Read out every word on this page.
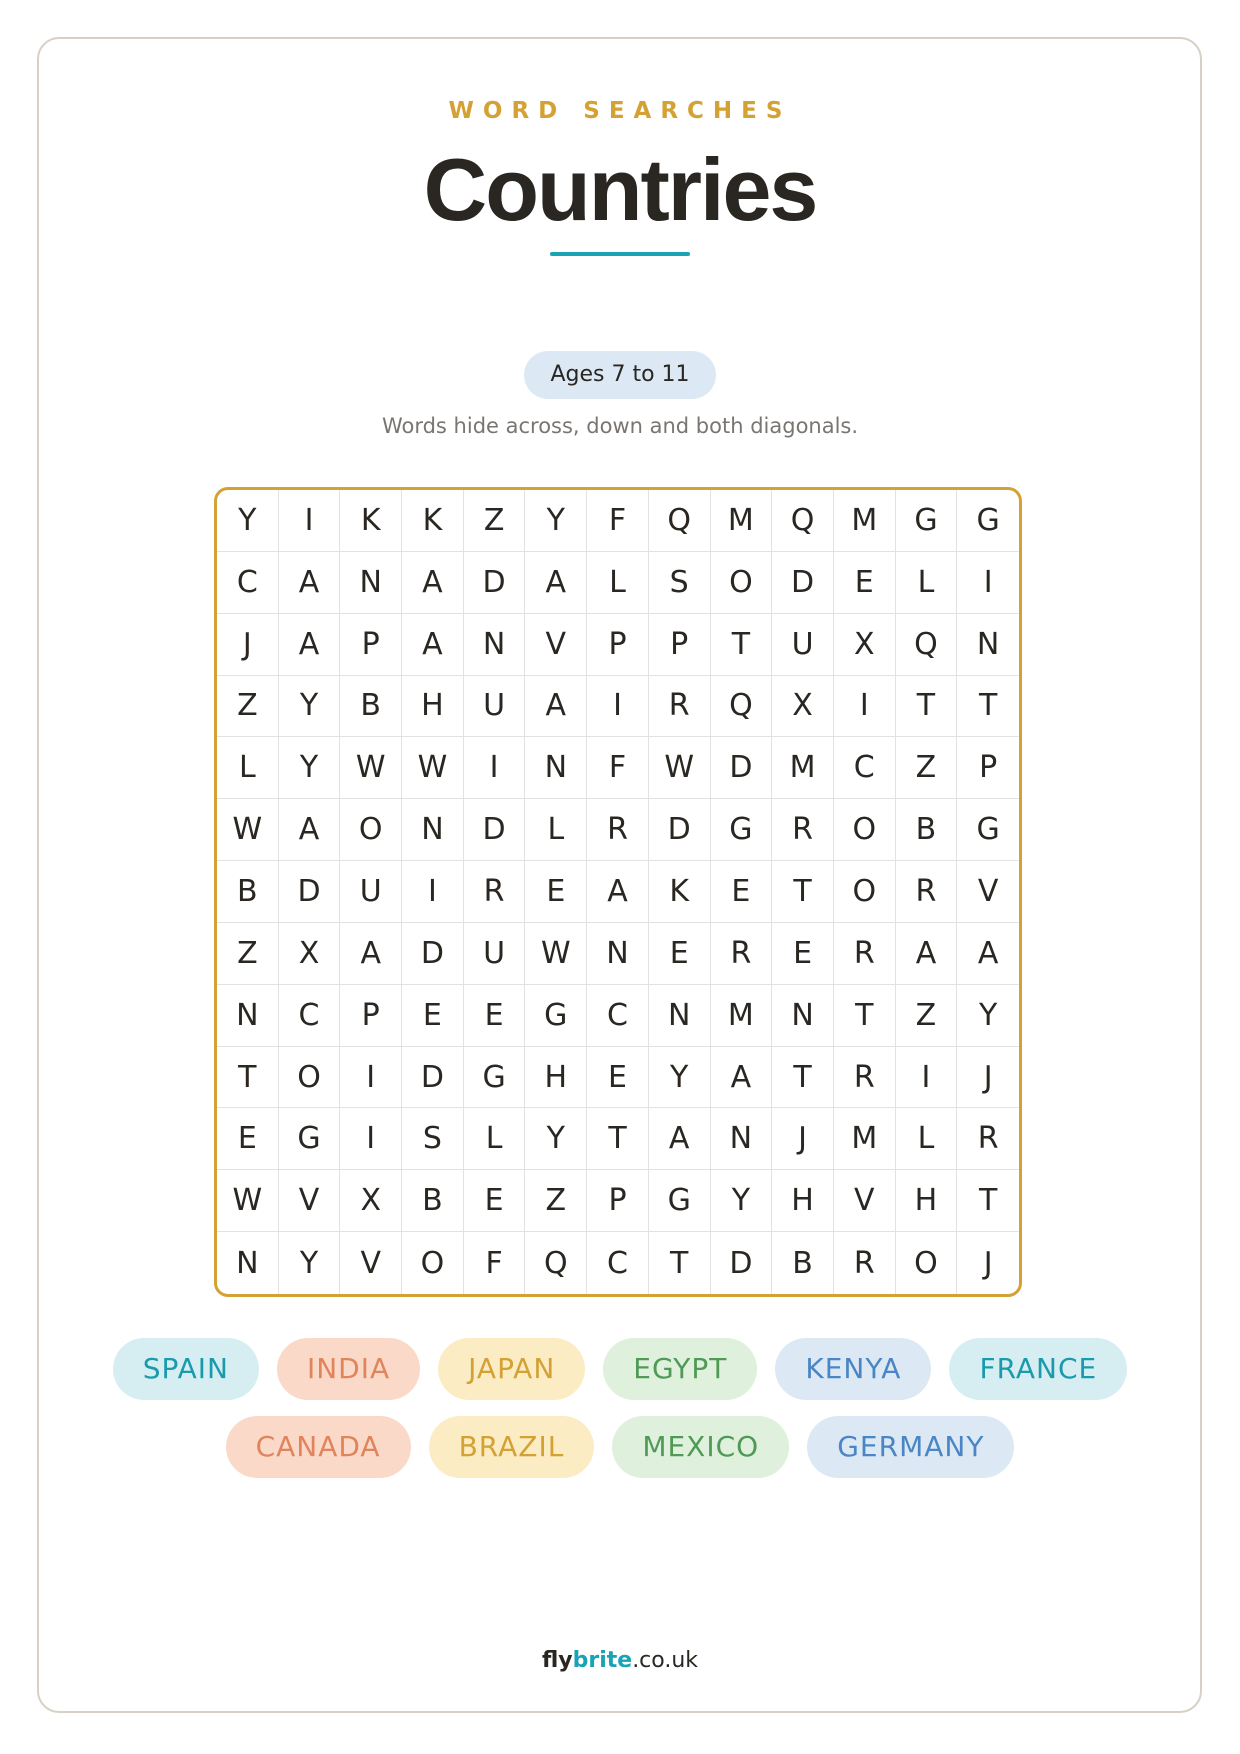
WORD SEARCHES
Countries
Ages 7 to 11
Words hide across, down and both diagonals.
Y	I	K	K	Z	Y	F	Q	M	Q	M	G	G
C	A	N	A	D	A	L	S	O	D	E	L	I
J	A	P	A	N	V	P	P	T	U	X	Q	N
Z	Y	B	H	U	A	I	R	Q	X	I	T	T
L	Y	W	W	I	N	F	W	D	M	C	Z	P
W	A	O	N	D	L	R	D	G	R	O	B	G
B	D	U	I	R	E	A	K	E	T	O	R	V
Z	X	A	D	U	W	N	E	R	E	R	A	A
N	C	P	E	E	G	C	N	M	N	T	Z	Y
T	O	I	D	G	H	E	Y	A	T	R	I	J
E	G	I	S	L	Y	T	A	N	J	M	L	R
W	V	X	B	E	Z	P	G	Y	H	V	H	T
N	Y	V	O	F	Q	C	T	D	B	R	O	J
SPAIN	INDIA	JAPAN	EGYPT	KENYA	FRANCE
CANADA	BRAZIL	MEXICO	GERMANY
flybrite.co.uk
